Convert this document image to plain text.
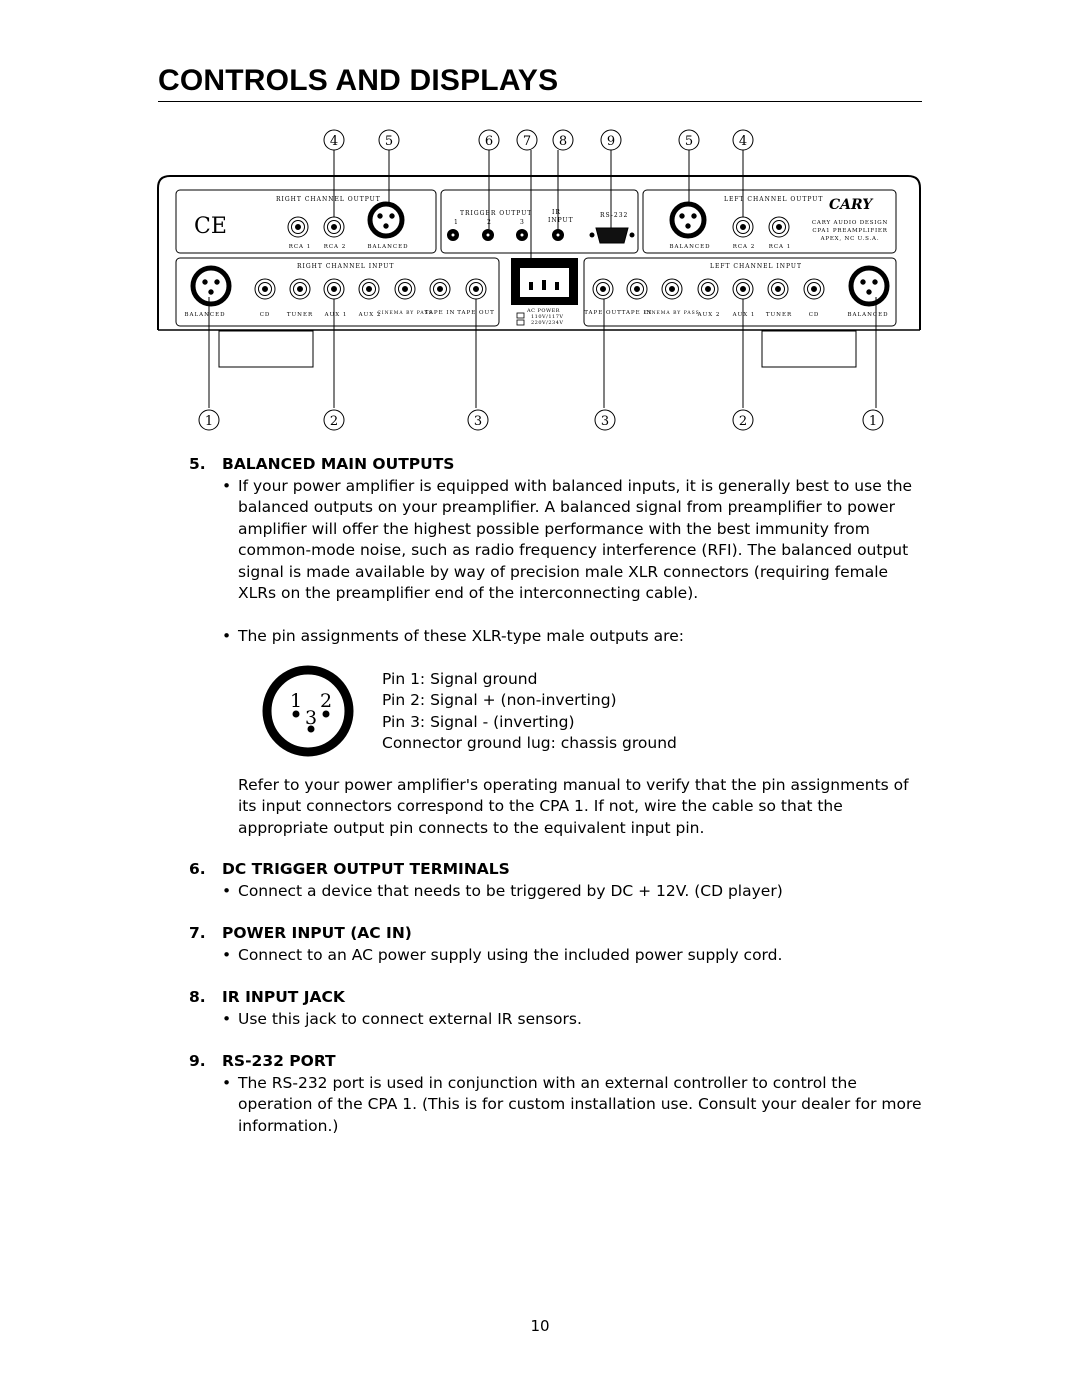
CONTROLS AND DISPLAYS
CE
RIGHT CHANNEL OUTPUT	LEFT CHANNEL OUTPUT
RIGHT CHANNEL INPUT	LEFT CHANNEL INPUT
TRIGGER OUTPUT	RS-232
IR
INPUT
1	2	3
CARY
CARY AUDIO DESIGN
CPA1 PREAMPLIFIER
APEX, NC U.S.A.
RCA 1 RCA 2	BALANCED	BALANCED	RCA 2 RCA 1
AC POWER
110V/117V
220V/234V
BALANCED	CD	TUNER AUX 1 AUX 2
CINEMA BY PASS
TAPE IN TAPE OUT	TAPE OUT TAPE IN
CINEMA BY PASS
AUX 2 AUX 1 TUNER	CD	BALANCED
4	5	6 7 8	9	5	4
1	2	3	3	2	1
5. BALANCED MAIN OUTPUTS
• If your power amplifier is equipped with balanced inputs, it is generally best to use the balanced outputs on your preamplifier. A balanced signal from preamplifier to power amplifier will offer the highest possible performance with the best immunity from common-mode noise, such as radio frequency interference (RFI). The balanced output signal is made available by way of precision male XLR connectors (requiring female XLRs on the preamplifier end of the interconnecting cable).
• The pin assignments of these XLR-type male outputs are:
1 2
3
Pin 1: Signal ground
Pin 2: Signal + (non-inverting)
Pin 3: Signal - (inverting)
Connector ground lug: chassis ground
Refer to your power amplifier's operating manual to verify that the pin assignments of its input connectors correspond to the CPA 1. If not, wire the cable so that the appropriate output pin connects to the equivalent input pin.
6. DC TRIGGER OUTPUT TERMINALS
• Connect a device that needs to be triggered by DC + 12V. (CD player)
7. POWER INPUT (AC IN)
• Connect to an AC power supply using the included power supply cord.
8. IR INPUT JACK
• Use this jack to connect external IR sensors.
9. RS-232 PORT
• The RS-232 port is used in conjunction with an external controller to control the operation of the CPA 1. (This is for custom installation use. Consult your dealer for more information.)
10
